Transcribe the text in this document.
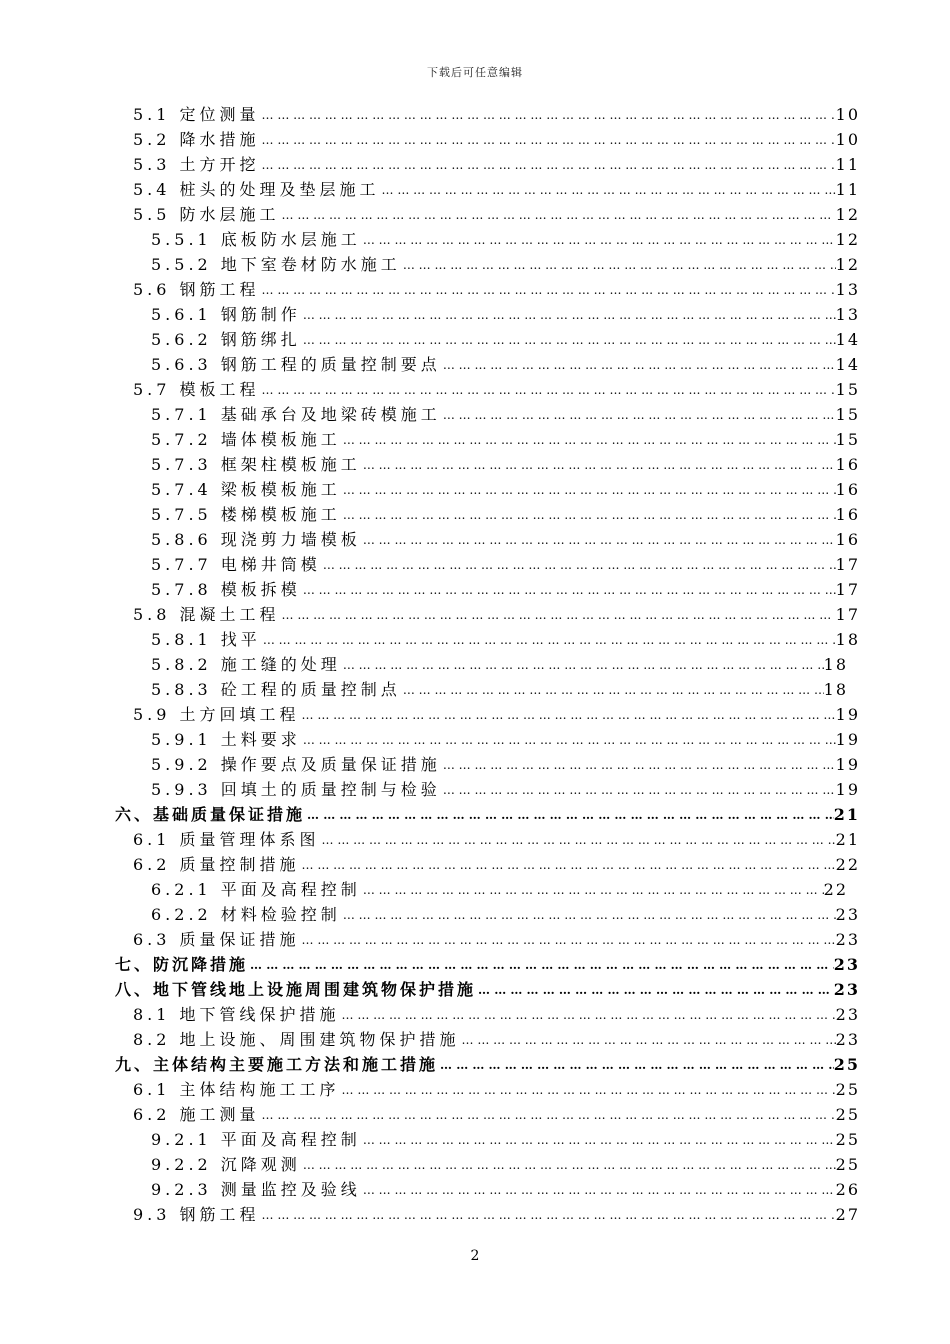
下载后可任意编辑
5.1 定位测量 … … … … … … … … … … … … … … … … … … … … … … … … … … … … … … … … … … … … … … … … … … … … … … … … … … … … … … … … … … … … … … … …	10
5.2 降水措施 … … … … … … … … … … … … … … … … … … … … … … … … … … … … … … … … … … … … … … … … … … … … … … … … … … … … … … … … … … … … … … … …	10
5.3 土方开挖 … … … … … … … … … … … … … … … … … … … … … … … … … … … … … … … … … … … … … … … … … … … … … … … … … … … … … … … … … … … … … … … …	11
5.4 桩头的处理及垫层施工 … … … … … … … … … … … … … … … … … … … … … … … … … … … … … … … … … … … … … … … … … … … … … … … … … … … … … … … … … … … … … … … …	11
5.5 防水层施工 … … … … … … … … … … … … … … … … … … … … … … … … … … … … … … … … … … … … … … … … … … … … … … … … … … … … … … … … … … … … … … … …	12
5.5.1 底板防水层施工 … … … … … … … … … … … … … … … … … … … … … … … … … … … … … … … … … … … … … … … … … … … … … … … … … … … … … … … … … … … … … … … …	12
5.5.2 地下室卷材防水施工 … … … … … … … … … … … … … … … … … … … … … … … … … … … … … … … … … … … … … … … … … … … … … … … … … … … … … … … … … … … … … … … …	12
5.6 钢筋工程 … … … … … … … … … … … … … … … … … … … … … … … … … … … … … … … … … … … … … … … … … … … … … … … … … … … … … … … … … … … … … … … …	13
5.6.1 钢筋制作 … … … … … … … … … … … … … … … … … … … … … … … … … … … … … … … … … … … … … … … … … … … … … … … … … … … … … … … … … … … … … … … …	13
5.6.2 钢筋绑扎 … … … … … … … … … … … … … … … … … … … … … … … … … … … … … … … … … … … … … … … … … … … … … … … … … … … … … … … … … … … … … … … …	14
5.6.3 钢筋工程的质量控制要点 … … … … … … … … … … … … … … … … … … … … … … … … … … … … … … … … … … … … … … … … … … … … … … … … … … … … … … … … … … … … … … … …	14
5.7 模板工程 … … … … … … … … … … … … … … … … … … … … … … … … … … … … … … … … … … … … … … … … … … … … … … … … … … … … … … … … … … … … … … … …	15
5.7.1 基础承台及地梁砖模施工 … … … … … … … … … … … … … … … … … … … … … … … … … … … … … … … … … … … … … … … … … … … … … … … … … … … … … … … … … … … … … … … …	15
5.7.2 墙体模板施工 … … … … … … … … … … … … … … … … … … … … … … … … … … … … … … … … … … … … … … … … … … … … … … … … … … … … … … … … … … … … … … … …	15
5.7.3 框架柱模板施工 … … … … … … … … … … … … … … … … … … … … … … … … … … … … … … … … … … … … … … … … … … … … … … … … … … … … … … … … … … … … … … … …	16
5.7.4 梁板模板施工 … … … … … … … … … … … … … … … … … … … … … … … … … … … … … … … … … … … … … … … … … … … … … … … … … … … … … … … … … … … … … … … …	16
5.7.5 楼梯模板施工 … … … … … … … … … … … … … … … … … … … … … … … … … … … … … … … … … … … … … … … … … … … … … … … … … … … … … … … … … … … … … … … …	16
5.8.6 现浇剪力墙模板 … … … … … … … … … … … … … … … … … … … … … … … … … … … … … … … … … … … … … … … … … … … … … … … … … … … … … … … … … … … … … … … …	16
5.7.7 电梯井筒模 … … … … … … … … … … … … … … … … … … … … … … … … … … … … … … … … … … … … … … … … … … … … … … … … … … … … … … … … … … … … … … … …	17
5.7.8 模板拆模 … … … … … … … … … … … … … … … … … … … … … … … … … … … … … … … … … … … … … … … … … … … … … … … … … … … … … … … … … … … … … … … …	17
5.8 混凝土工程 … … … … … … … … … … … … … … … … … … … … … … … … … … … … … … … … … … … … … … … … … … … … … … … … … … … … … … … … … … … … … … … …	17
5.8.1 找平 … … … … … … … … … … … … … … … … … … … … … … … … … … … … … … … … … … … … … … … … … … … … … … … … … … … … … … … … … … … … … … … …	18
5.8.2 施工缝的处理 … … … … … … … … … … … … … … … … … … … … … … … … … … … … … … … … … … … … … … … … … … … … … … … … … … … … … … … … … … … … … … … …	18
5.8.3 砼工程的质量控制点 … … … … … … … … … … … … … … … … … … … … … … … … … … … … … … … … … … … … … … … … … … … … … … … … … … … … … … … … … … … … … … … …	18
5.9 土方回填工程 … … … … … … … … … … … … … … … … … … … … … … … … … … … … … … … … … … … … … … … … … … … … … … … … … … … … … … … … … … … … … … … …	19
5.9.1 土料要求 … … … … … … … … … … … … … … … … … … … … … … … … … … … … … … … … … … … … … … … … … … … … … … … … … … … … … … … … … … … … … … … …	19
5.9.2 操作要点及质量保证措施 … … … … … … … … … … … … … … … … … … … … … … … … … … … … … … … … … … … … … … … … … … … … … … … … … … … … … … … … … … … … … … … …	19
5.9.3 回填土的质量控制与检验 … … … … … … … … … … … … … … … … … … … … … … … … … … … … … … … … … … … … … … … … … … … … … … … … … … … … … … … … … … … … … … … …	19
六、基础质量保证措施 … … … … … … … … … … … … … … … … … … … … … … … … … … … … … … … … … … … … … … … … … … … … … … … … … … … … … … … … … … … … … … … …	21
6.1 质量管理体系图 … … … … … … … … … … … … … … … … … … … … … … … … … … … … … … … … … … … … … … … … … … … … … … … … … … … … … … … … … … … … … … … …	21
6.2 质量控制措施 … … … … … … … … … … … … … … … … … … … … … … … … … … … … … … … … … … … … … … … … … … … … … … … … … … … … … … … … … … … … … … … …	22
6.2.1 平面及高程控制 … … … … … … … … … … … … … … … … … … … … … … … … … … … … … … … … … … … … … … … … … … … … … … … … … … … … … … … … … … … … … … … …	22
6.2.2 材料检验控制 … … … … … … … … … … … … … … … … … … … … … … … … … … … … … … … … … … … … … … … … … … … … … … … … … … … … … … … … … … … … … … … …	23
6.3 质量保证措施 … … … … … … … … … … … … … … … … … … … … … … … … … … … … … … … … … … … … … … … … … … … … … … … … … … … … … … … … … … … … … … … …	23
七、防沉降措施 … … … … … … … … … … … … … … … … … … … … … … … … … … … … … … … … … … … … … … … … … … … … … … … … … … … … … … … … … … … … … … … …	23
八、地下管线地上设施周围建筑物保护措施 … … … … … … … … … … … … … … … … … … … … … … … … … … … … … … … … … … … … … … … … … … … … … … … … … … … … … … … … … … … … … … … …	23
8.1 地下管线保护措施 … … … … … … … … … … … … … … … … … … … … … … … … … … … … … … … … … … … … … … … … … … … … … … … … … … … … … … … … … … … … … … … …	23
8.2 地上设施、周围建筑物保护措施 … … … … … … … … … … … … … … … … … … … … … … … … … … … … … … … … … … … … … … … … … … … … … … … … … … … … … … … … … … … … … … … …	23
九、主体结构主要施工方法和施工措施 … … … … … … … … … … … … … … … … … … … … … … … … … … … … … … … … … … … … … … … … … … … … … … … … … … … … … … … … … … … … … … … …	25
6.1 主体结构施工工序 … … … … … … … … … … … … … … … … … … … … … … … … … … … … … … … … … … … … … … … … … … … … … … … … … … … … … … … … … … … … … … … …	25
6.2 施工测量 … … … … … … … … … … … … … … … … … … … … … … … … … … … … … … … … … … … … … … … … … … … … … … … … … … … … … … … … … … … … … … … …	25
9.2.1 平面及高程控制 … … … … … … … … … … … … … … … … … … … … … … … … … … … … … … … … … … … … … … … … … … … … … … … … … … … … … … … … … … … … … … … …	25
9.2.2 沉降观测 … … … … … … … … … … … … … … … … … … … … … … … … … … … … … … … … … … … … … … … … … … … … … … … … … … … … … … … … … … … … … … … …	25
9.2.3 测量监控及验线 … … … … … … … … … … … … … … … … … … … … … … … … … … … … … … … … … … … … … … … … … … … … … … … … … … … … … … … … … … … … … … … …	26
9.3 钢筋工程 … … … … … … … … … … … … … … … … … … … … … … … … … … … … … … … … … … … … … … … … … … … … … … … … … … … … … … … … … … … … … … … …	27
2
